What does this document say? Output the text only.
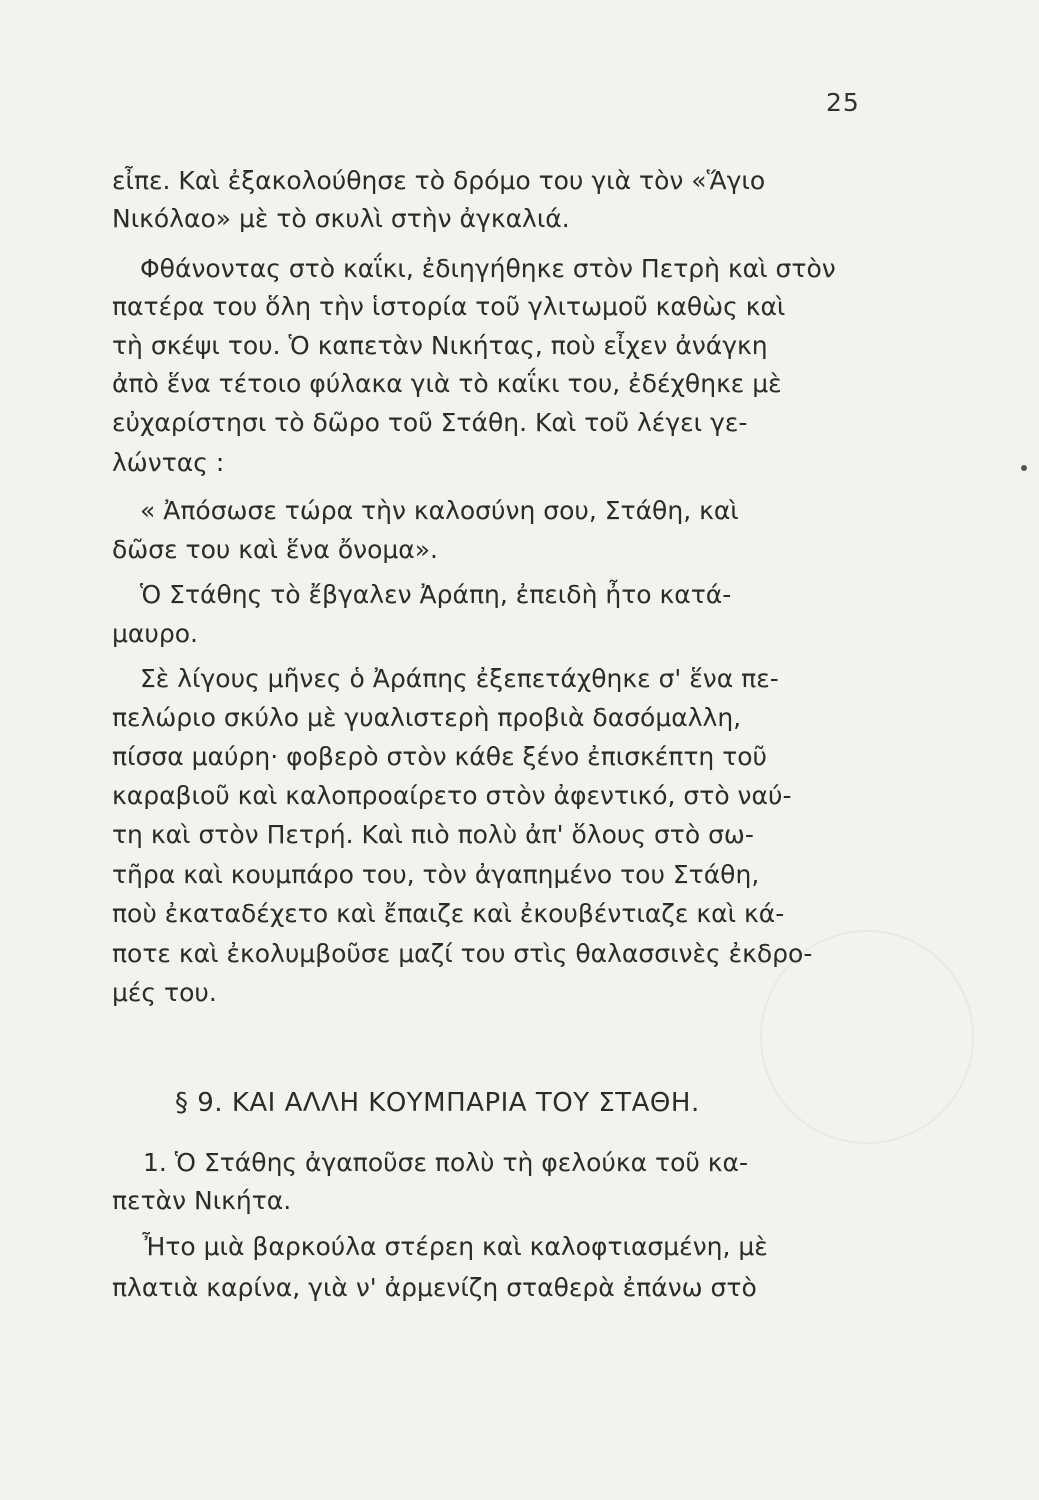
25
εἶπε. Καὶ ἐξακολούθησε τὸ δρόμο του γιὰ τὸν «Ἅγιο
Νικόλαο» μὲ τὸ σκυλὶ στὴν ἀγκαλιά.
Φθάνοντας στὸ καΐκι, ἐδιηγήθηκε στὸν Πετρὴ καὶ στὸν
πατέρα του ὅλη τὴν ἱστορία τοῦ γλιτωμοῦ καθὼς καὶ
τὴ σκέψι του. Ὁ καπετὰν Νικήτας, ποὺ εἶχεν ἀνάγκη
ἀπὸ ἕνα τέτοιο φύλακα γιὰ τὸ καΐκι του, ἐδέχθηκε μὲ
εὐχαρίστησι τὸ δῶρο τοῦ Στάθη. Καὶ τοῦ λέγει γε-
λώντας :
« Ἀπόσωσε τώρα τὴν καλοσύνη σου, Στάθη, καὶ
δῶσε του καὶ ἕνα ὄνομα».
Ὁ Στάθης τὸ ἔβγαλεν Ἀράπη, ἐπειδὴ ἦτο κατά-
μαυρο.
Σὲ λίγους μῆνες ὁ Ἀράπης ἐξεπετάχθηκε σ' ἕνα πε-
πελώριο σκύλο μὲ γυαλιστερὴ προβιὰ δασόμαλλη,
πίσσα μαύρη· φοβερὸ στὸν κάθε ξένο ἐπισκέπτη τοῦ
καραβιοῦ καὶ καλοπροαίρετο στὸν ἀφεντικό, στὸ ναύ-
τη καὶ στὸν Πετρή. Καὶ πιὸ πολὺ ἀπ' ὅλους στὸ σω-
τῆρα καὶ κουμπάρο του, τὸν ἀγαπημένο του Στάθη,
ποὺ ἐκαταδέχετο καὶ ἔπαιζε καὶ ἐκουβέντιαζε καὶ κά-
ποτε καὶ ἐκολυμβοῦσε μαζί του στὶς θαλασσινὲς ἐκδρο-
μές του.
§ 9. ΚΑΙ ΑΛΛΗ ΚΟΥΜΠΑΡΙΑ ΤΟΥ ΣΤΑΘΗ.
1. Ὁ Στάθης ἀγαποῦσε πολὺ τὴ φελούκα τοῦ κα-
πετὰν Νικήτα.
Ἦτο μιὰ βαρκούλα στέρεη καὶ καλοφτιασμένη, μὲ
πλατιὰ καρίνα, γιὰ ν' ἀρμενίζη σταθερὰ ἐπάνω στὸ
